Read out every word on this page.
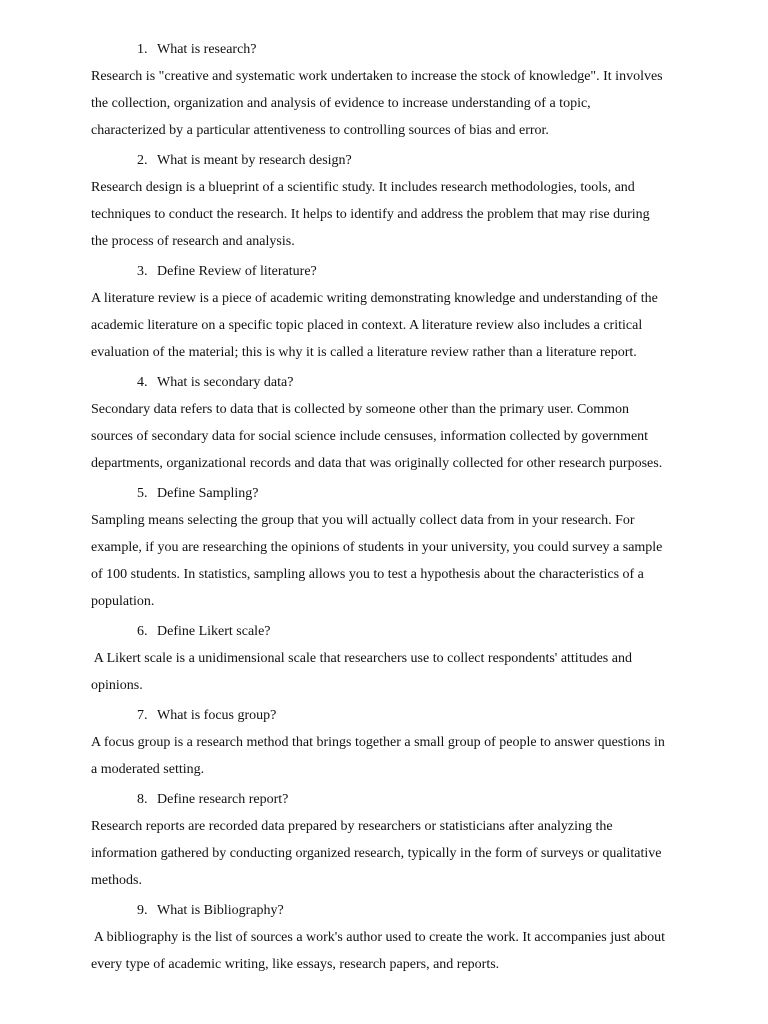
1. What is research?
Research is "creative and systematic work undertaken to increase the stock of knowledge". It involves
the collection, organization and analysis of evidence to increase understanding of a topic,
characterized by a particular attentiveness to controlling sources of bias and error.
2. What is meant by research design?
Research design is a blueprint of a scientific study. It includes research methodologies, tools, and
techniques to conduct the research. It helps to identify and address the problem that may rise during
the process of research and analysis.
3. Define Review of literature?
A literature review is a piece of academic writing demonstrating knowledge and understanding of the
academic literature on a specific topic placed in context. A literature review also includes a critical
evaluation of the material; this is why it is called a literature review rather than a literature report.
4. What is secondary data?
Secondary data refers to data that is collected by someone other than the primary user. Common
sources of secondary data for social science include censuses, information collected by government
departments, organizational records and data that was originally collected for other research purposes.
5. Define Sampling?
Sampling means selecting the group that you will actually collect data from in your research. For
example, if you are researching the opinions of students in your university, you could survey a sample
of 100 students. In statistics, sampling allows you to test a hypothesis about the characteristics of a
population.
6. Define Likert scale?
A Likert scale is a unidimensional scale that researchers use to collect respondents' attitudes and
opinions.
7. What is focus group?
A focus group is a research method that brings together a small group of people to answer questions in
a moderated setting.
8. Define research report?
Research reports are recorded data prepared by researchers or statisticians after analyzing the
information gathered by conducting organized research, typically in the form of surveys or qualitative
methods.
9. What is Bibliography?
A bibliography is the list of sources a work's author used to create the work. It accompanies just about
every type of academic writing, like essays, research papers, and reports.
